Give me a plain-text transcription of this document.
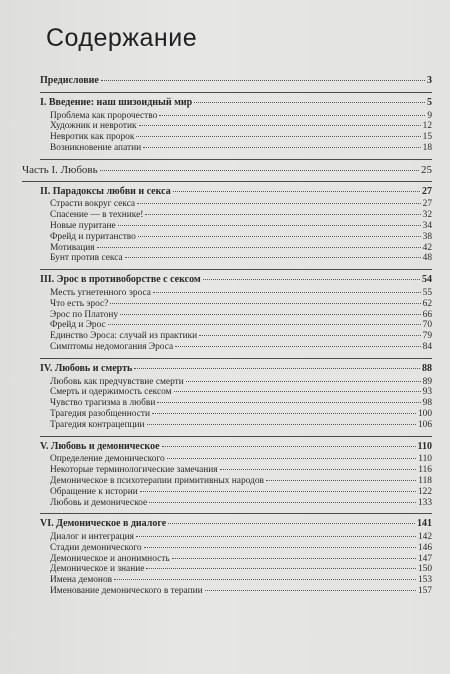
Содержание
Предисловие	3
I. Введение: наш шизоидный мир	5
Проблема как пророчество	9
Художник и невротик	12
Невротик как пророк	15
Возникновение апатии	18
Часть I. Любовь	25
II. Парадоксы любви и секса	27
Страсти вокруг секса	27
Спасение — в технике!	32
Новые пуритане	34
Фрейд и пуританство	38
Мотивация	42
Бунт против секса	48
III. Эрос в противоборстве с сексом	54
Месть угнетенного эроса	55
Что есть эрос?	62
Эрос по Платону	66
Фрейд и Эрос	70
Единство Эроса: случай из практики	79
Симптомы недомогания Эроса	84
IV. Любовь и смерть	88
Любовь как предчувствие смерти	89
Смерть и одержимость сексом	93
Чувство трагизма в любви	98
Трагедия разобщенности	100
Трагедия контрацепции	106
V. Любовь и демоническое	110
Определение демонического	110
Некоторые терминологические замечания	116
Демоническое в психотерапии примитивных народов	118
Обращение к истории	122
Любовь и демоническое	133
VI. Демоническое в диалоге	141
Диалог и интеграция	142
Стадии демонического	146
Демоническое и анонимность	147
Демоническое и знание	150
Имена демонов	153
Именование демонического в терапии	157
